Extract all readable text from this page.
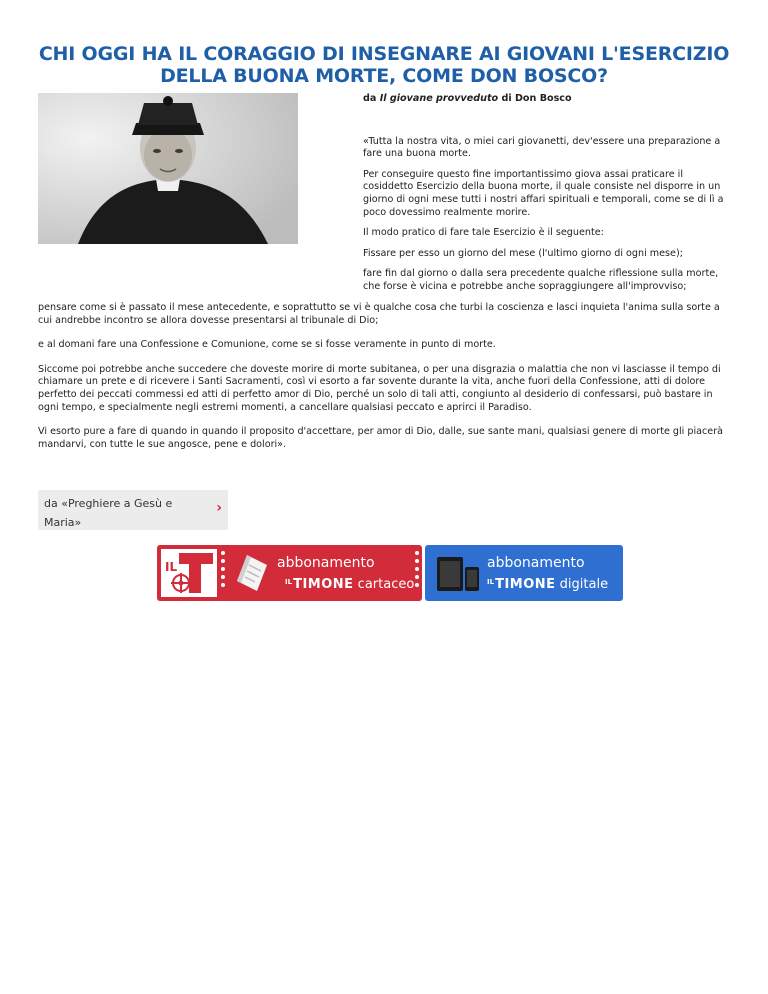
CHI OGGI HA IL CORAGGIO DI INSEGNARE AI GIOVANI L'ESERCIZIO DELLA BUONA MORTE, COME DON BOSCO?

da Il giovane provveduto di Don Bosco

«Tutta la nostra vita, o miei cari giovanetti, dev'essere una preparazione a fare una buona morte.

Per conseguire questo fine importantissimo giova assai praticare il cosiddetto Esercizio della buona morte, il quale consiste nel disporre in un giorno di ogni mese tutti i nostri affari spirituali e temporali, come se di lì a poco dovessimo realmente morire.

Il modo pratico di fare tale Esercizio è il seguente:

Fissare per esso un giorno del mese (l'ultimo giorno di ogni mese);

fare fin dal giorno o dalla sera precedente qualche riflessione sulla morte, che forse è vicina e potrebbe anche sopraggiungere all'improvviso;

pensare come si è passato il mese antecedente, e soprattutto se vi è qualche cosa che turbi la coscienza e lasci inquieta l'anima sulla sorte a cui andrebbe incontro se allora dovesse presentarsi al tribunale di Dio;

e al domani fare una Confessione e Comunione, come se si fosse veramente in punto di morte.

Siccome poi potrebbe anche succedere che doveste morire di morte subitanea, o per una disgrazia o malattia che non vi lasciasse il tempo di chiamare un prete e di ricevere i Santi Sacramenti, così vi esorto a far sovente durante la vita, anche fuori della Confessione, atti di dolore perfetto dei peccati commessi ed atti di perfetto amor di Dio, perché un solo di tali atti, congiunto al desiderio di confessarsi, può bastare in ogni tempo, e specialmente negli estremi momenti, a cancellare qualsiasi peccato e aprirci il Paradiso.

Vi esorto pure a fare di quando in quando il proposito d'accettare, per amor di Dio, dalle, sue sante mani, qualsiasi genere di morte gli piacerà mandarvi, con tutte le sue angosce, pene e dolori».

da «Preghiere a Gesù e Maria»
›
IL	abbonamento
$^{IL}$TIMONE cartaceo
abbonamento
$^{IL}$TIMONE digitale
